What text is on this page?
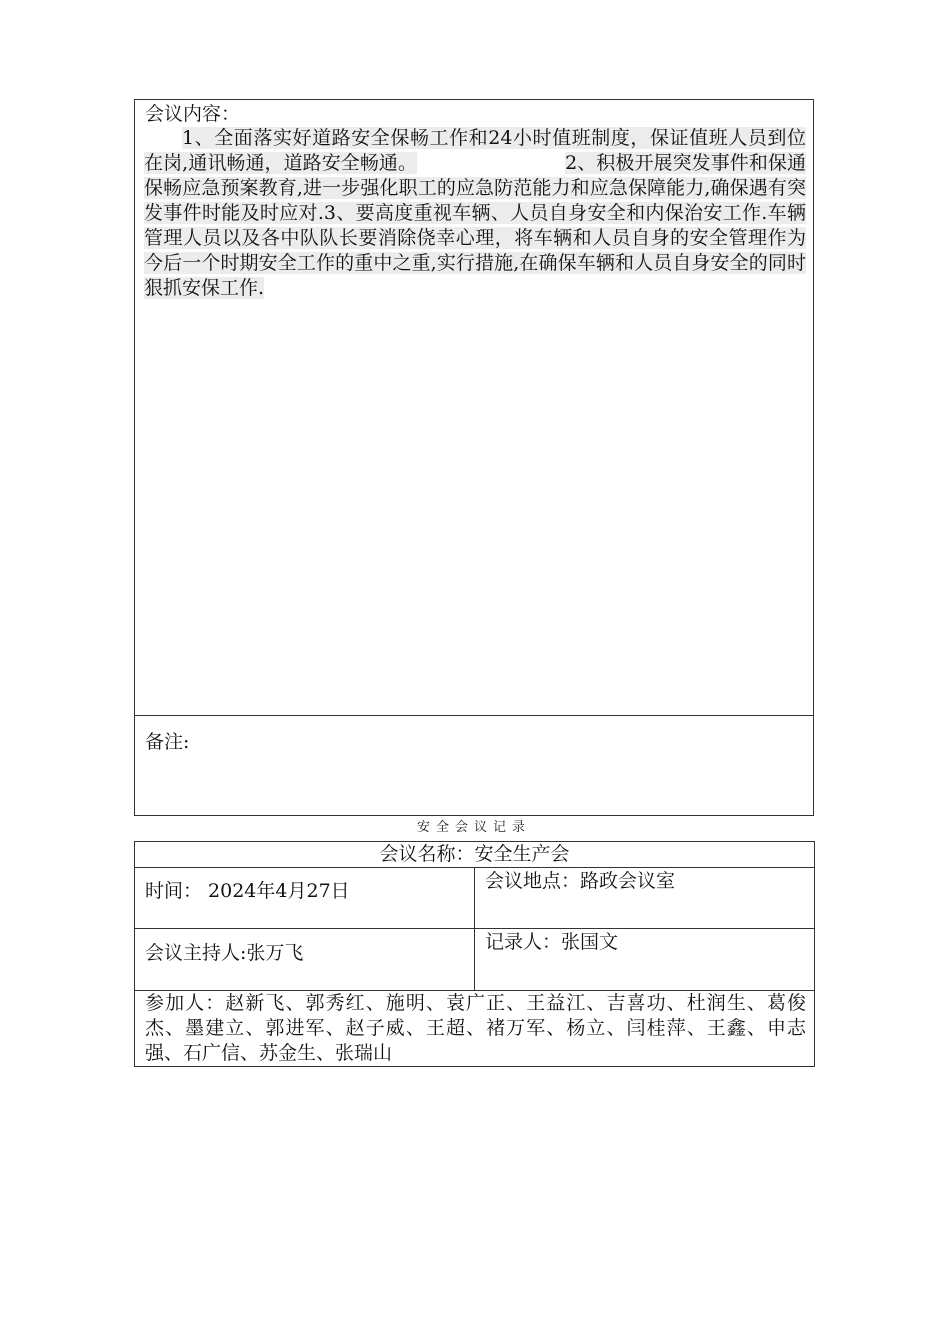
会议内容：
1、全面落实好道路安全保畅工作和24小时值班制度，保证值班人员到位在岗,通讯畅通，道路安全畅通。	2、积极开展突发事件和保通保畅应急预案教育,进一步强化职工的应急防范能力和应急保障能力,确保遇有突发事件时能及时应对.3、要高度重视车辆、人员自身安全和内保治安工作.车辆管理人员以及各中队队长要消除侥幸心理，将车辆和人员自身的安全管理作为今后一个时期安全工作的重中之重,实行措施,在确保车辆和人员自身安全的同时狠抓安保工作.
备注:
安全会议记录
会议名称：安全生产会	
时间： 2024年4月27日	会议地点：路政会议室
会议主持人:张万飞	记录人：张国文

参加人：赵新飞、郭秀红、施明、袁广正、王益江、吉喜功、杜润生、葛俊杰、墨建立、郭进军、赵子威、王超、褚万军、杨立、闫桂萍、王鑫、申志强、石广信、苏金生、张瑞山	
